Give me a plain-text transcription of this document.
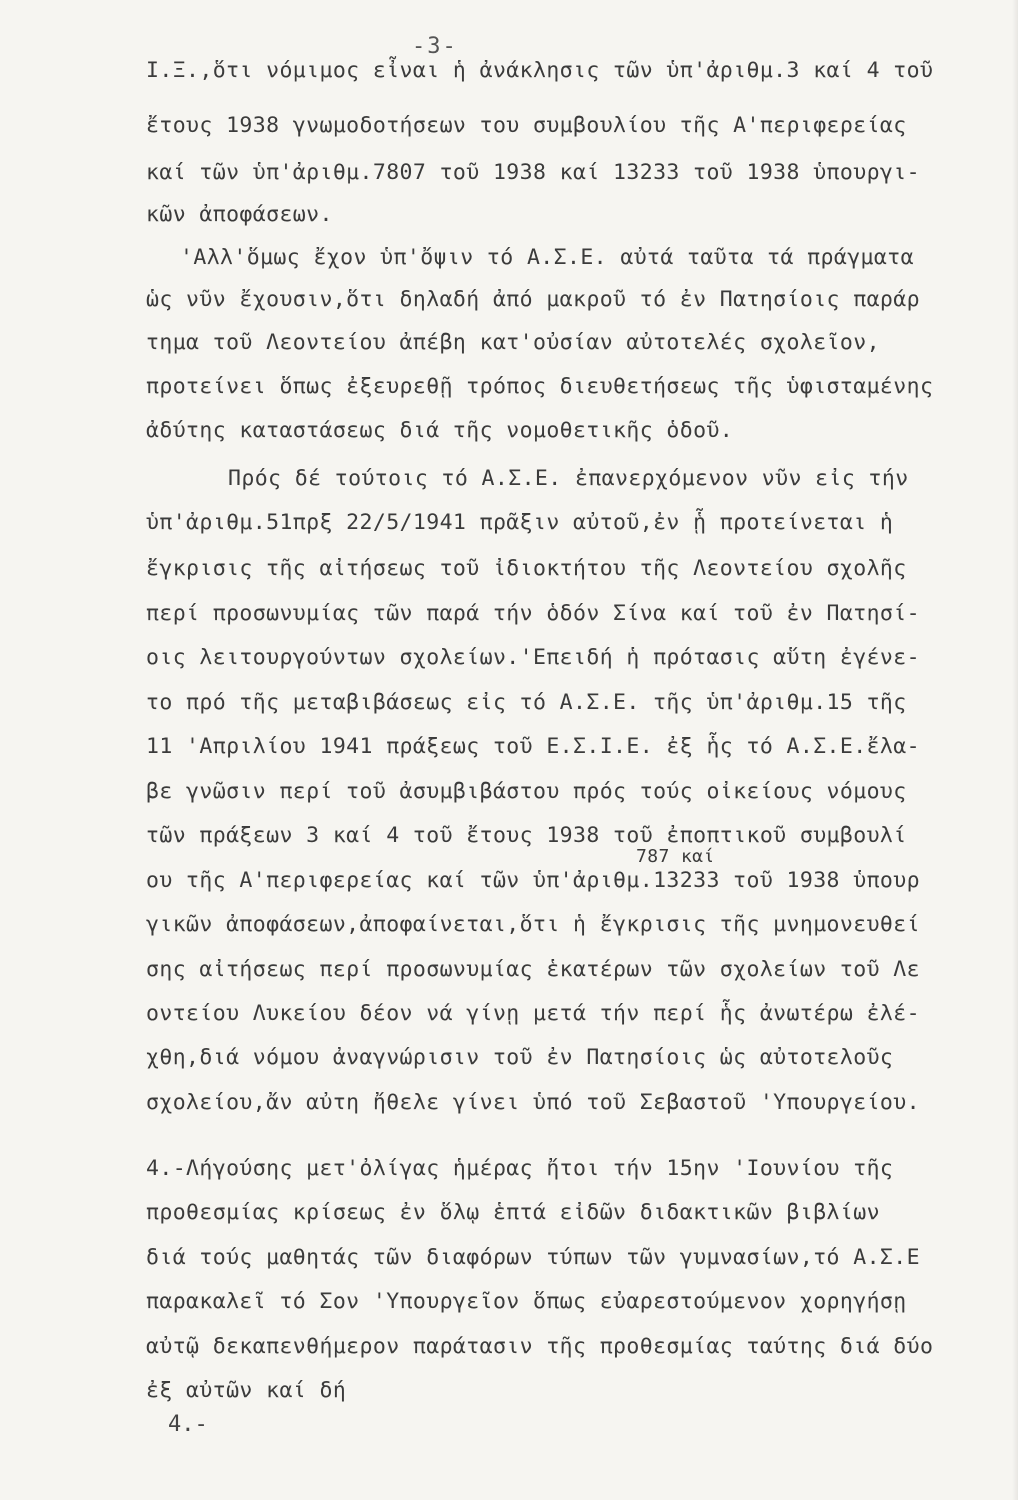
-3-
Ι.Ξ.,ὅτι νόμιμος εἶναι ἡ ἀνάκλησις τῶν ὑπ'ἀριθμ.3 καί 4 τοῦ
ἔτους 1938 γνωμοδοτήσεων του συμβουλίου τῆς Α'περιφερείας
καί τῶν ὑπ'ἀριθμ.7807 τοῦ 1938 καί 13233 τοῦ 1938 ὑπουργι-
κῶν ἀποφάσεων.
'Αλλ'ὅμως ἔχον ὑπ'ὄψιν τό Α.Σ.Ε. αὐτά ταῦτα τά πράγματα
ὡς νῦν ἔχουσιν,ὅτι δηλαδή ἀπό μακροῦ τό ἐν Πατησίοις παράρ
τημα τοῦ Λεοντείου ἀπέβη κατ'οὐσίαν αὐτοτελές σχολεῖον,
προτείνει ὅπως ἐξευρεθῇ τρόπος διευθετήσεως τῆς ὑφισταμένης
ἀδύτης καταστάσεως διά τῆς νομοθετικῆς ὁδοῦ.
Πρός δέ τούτοις τό Α.Σ.Ε. ἐπανερχόμενον νῦν εἰς τήν
ὑπ'ἀριθμ.51πρξ 22/5/1941 πρᾶξιν αὐτοῦ,ἐν ᾗ προτείνεται ἡ
ἔγκρισις τῆς αἰτήσεως τοῦ ἰδιοκτήτου τῆς Λεοντείου σχολῆς
περί προσωνυμίας τῶν παρά τήν ὁδόν Σίνα καί τοῦ ἐν Πατησί-
οις λειτουργούντων σχολείων.'Επειδή ἡ πρότασις αὕτη ἐγένε-
το πρό τῆς μεταβιβάσεως εἰς τό Α.Σ.Ε. τῆς ὑπ'ἀριθμ.15 τῆς
11 'Απριλίου 1941 πράξεως τοῦ Ε.Σ.Ι.Ε. ἐξ ἧς τό Α.Σ.Ε.ἔλα-
βε γνῶσιν περί τοῦ ἀσυμβιβάστου πρός τούς οἰκείους νόμους
τῶν πράξεων 3 καί 4 τοῦ ἔτους 1938 τοῦ ἐποπτικοῦ συμβουλί
787 καί
ου τῆς Α'περιφερείας καί τῶν ὑπ'ἀριθμ.13233 τοῦ 1938 ὑπουρ
γικῶν ἀποφάσεων,ἀποφαίνεται,ὅτι ἡ ἔγκρισις τῆς μνημονευθεί
σης αἰτήσεως περί προσωνυμίας ἑκατέρων τῶν σχολείων τοῦ Λε
οντείου Λυκείου δέον νά γίνῃ μετά τήν περί ἧς ἀνωτέρω ἐλέ-
χθη,διά νόμου ἀναγνώρισιν τοῦ ἐν Πατησίοις ὡς αὐτοτελοῦς
σχολείου,ἄν αὐτη ἤθελε γίνει ὑπό τοῦ Σεβαστοῦ 'Υπουργείου.
4.-Λήγούσης μετ'ὀλίγας ἡμέρας ἤτοι τήν 15ην 'Ιουνίου τῆς
προθεσμίας κρίσεως ἐν ὅλῳ ἑπτά εἰδῶν διδακτικῶν βιβλίων
διά τούς μαθητάς τῶν διαφόρων τύπων τῶν γυμνασίων,τό Α.Σ.Ε
παρακαλεῖ τό Σον 'Υπουργεῖον ὅπως εὐαρεστούμενον χορηγήσῃ
αὐτῷ δεκαπενθήμερον παράτασιν τῆς προθεσμίας ταύτης διά δύο
ἐξ αὐτῶν καί δή
4.-
